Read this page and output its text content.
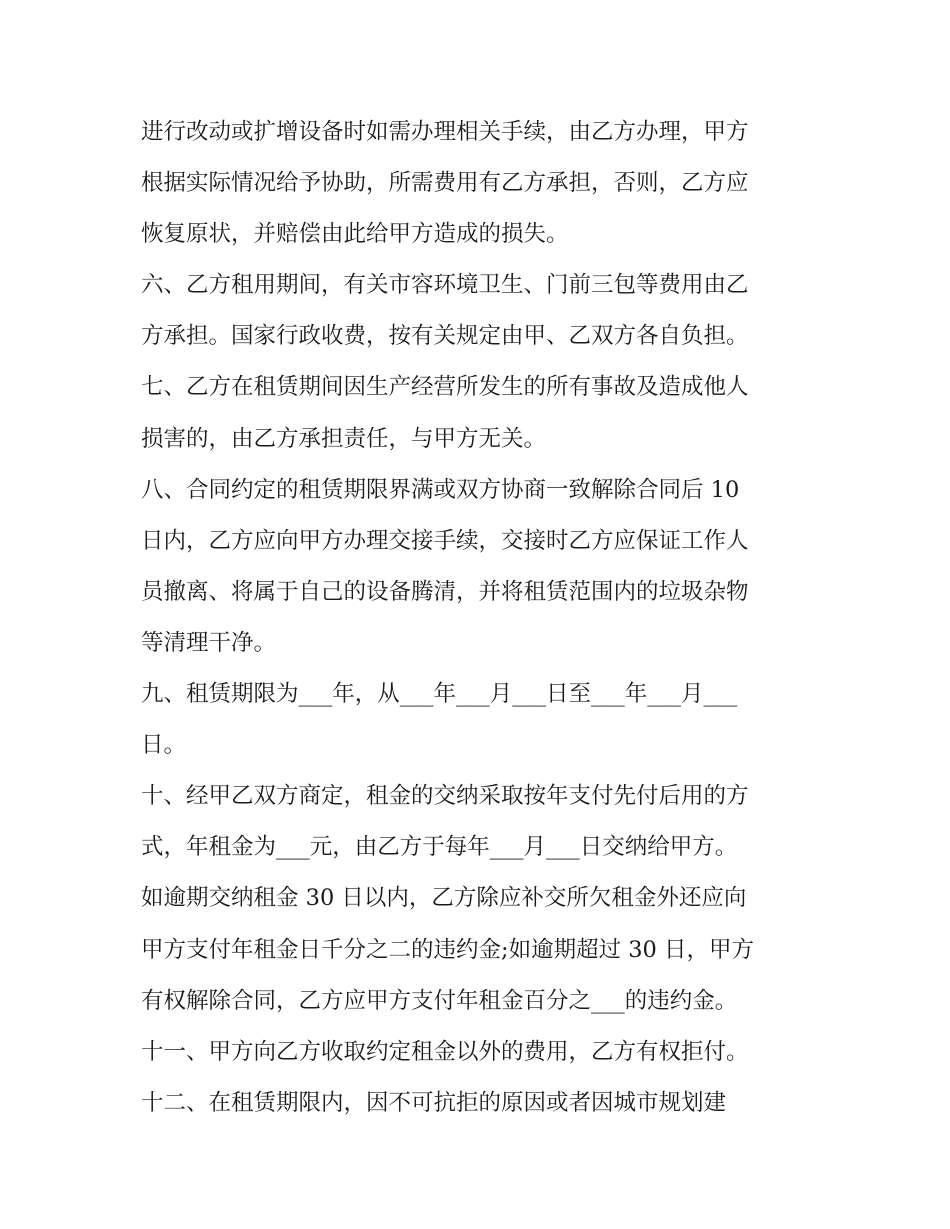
进行改动或扩增设备时如需办理相关手续，由乙方办理，甲方
根据实际情况给予协助，所需费用有乙方承担，否则，乙方应
恢复原状，并赔偿由此给甲方造成的损失。
六、乙方租用期间，有关市容环境卫生、门前三包等费用由乙
方承担。国家行政收费，按有关规定由甲、乙双方各自负担。
七、乙方在租赁期间因生产经营所发生的所有事故及造成他人
损害的，由乙方承担责任，与甲方无关。
八、合同约定的租赁期限界满或双方协商一致解除合同后 10
日内，乙方应向甲方办理交接手续，交接时乙方应保证工作人
员撤离、将属于自己的设备腾清，并将租赁范围内的垃圾杂物
等清理干净。
九、租赁期限为___年，从___年___月___日至___年___月___
日。
十、经甲乙双方商定，租金的交纳采取按年支付先付后用的方
式，年租金为___元，由乙方于每年___月___日交纳给甲方。
如逾期交纳租金 30 日以内，乙方除应补交所欠租金外还应向
甲方支付年租金日千分之二的违约金;如逾期超过 30 日，甲方
有权解除合同，乙方应甲方支付年租金百分之___的违约金。
十一、甲方向乙方收取约定租金以外的费用，乙方有权拒付。
十二、在租赁期限内，因不可抗拒的原因或者因城市规划建
